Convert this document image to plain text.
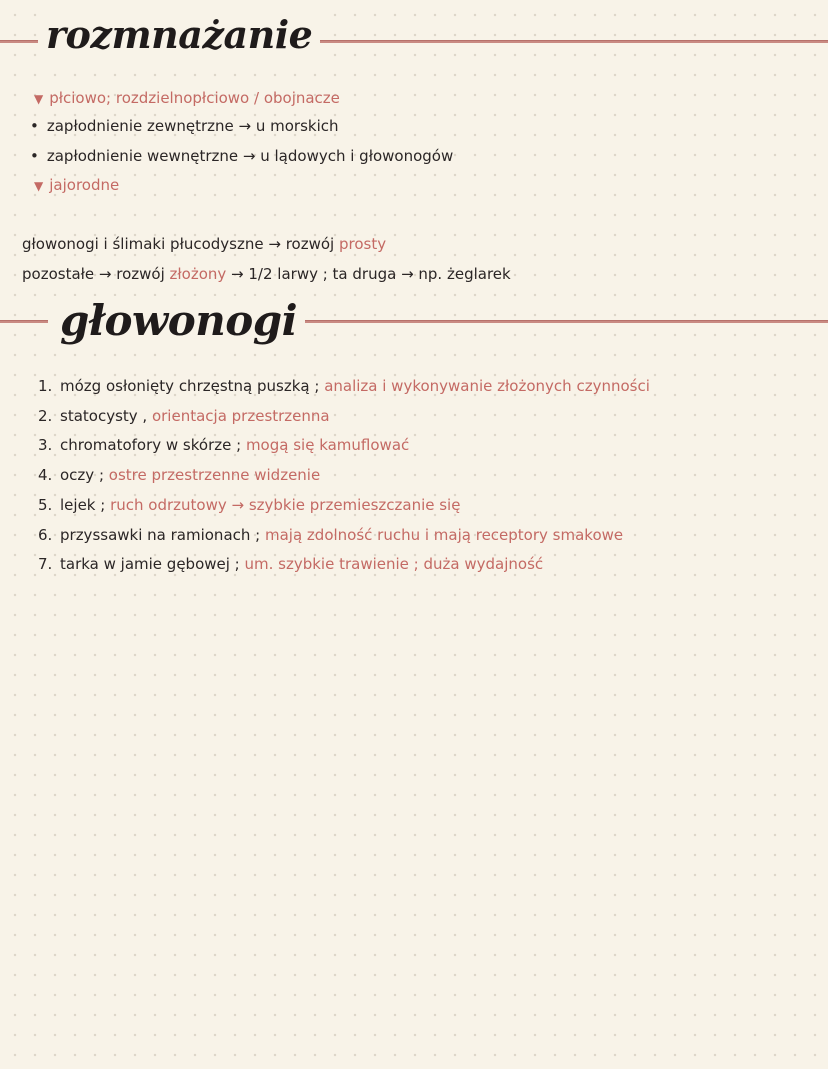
rozmnażanie
▼ płciowo; rozdzielnopłciowo / obojnacze
• zapłodnienie zewnętrzne → u morskich
• zapłodnienie wewnętrzne → u lądowych i głowonogów
▼ jajorodne
głowonogi i ślimaki płucodyszne → rozwój prosty
pozostałe → rozwój złożony → 1/2 larwy ; ta druga → np. żeglarek
głowonogi
1. mózg osłonięty chrzęstną puszką ; analiza i wykonywanie złożonych czynności
2. statocysty , orientacja przestrzenna
3. chromatofory w skórze ; mogą się kamuflować
4. oczy ; ostre przestrzenne widzenie
5. lejek ; ruch odrzutowy → szybkie przemieszczanie się
6. przyssawki na ramionach ; mają zdolność ruchu i mają receptory smakowe
7. tarka w jamie gębowej ; um. szybkie trawienie ; duża wydajność
